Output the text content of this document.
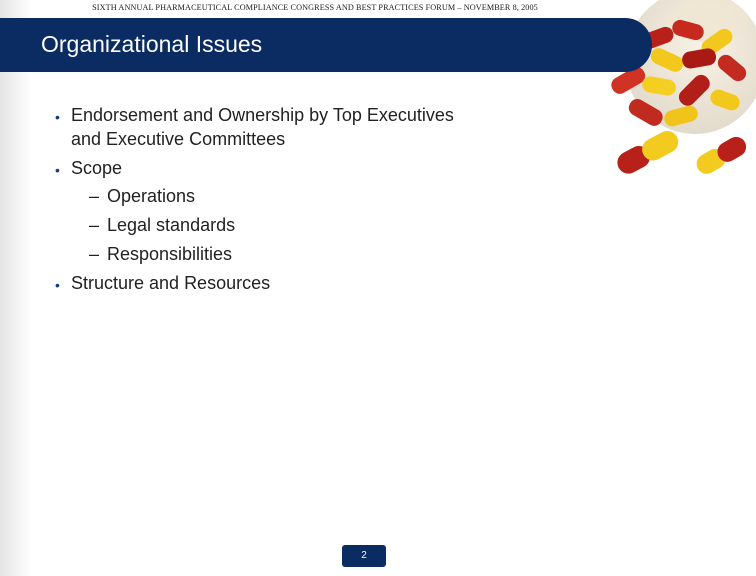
SIXTH ANNUAL PHARMACEUTICAL COMPLIANCE CONGRESS AND BEST PRACTICES FORUM – NOVEMBER 8, 2005
Organizational Issues
• Endorsement and Ownership by Top Executives
and Executive Committees
• Scope
– Operations
– Legal standards
– Responsibilities
• Structure and Resources
2
